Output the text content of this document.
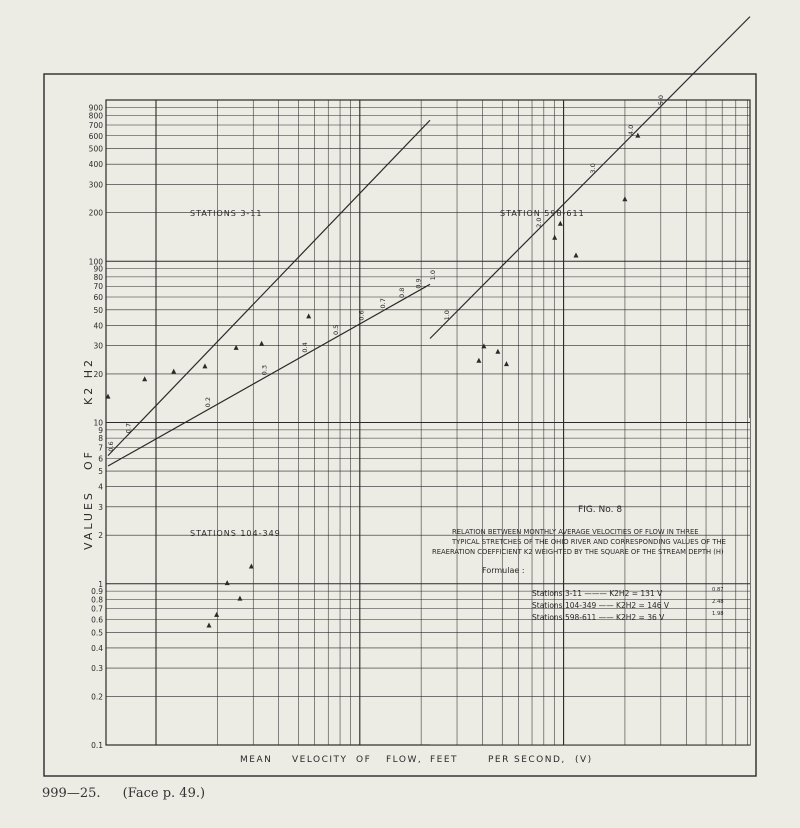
900
800
700
600
500
400
300
200
100
90
80
70
60
50
40
30
20
10
9
8
7
6
5
4
3
2
1
0.9
0.8
0.7
0.6
0.5
0.4
0.3
0.2
0.1
STATIONS 3-11
0.2
0.3
0.4
0.5
0.6
0.7
0.8
0.9
1.0
STATIONS 104-349
0.6
0.7
STATION 598-611
1.0
2.0
3.0
4.0
5.0
FIG. No. 8
RELATION BETWEEN MONTHLY AVERAGE VELOCITIES OF FLOW IN THREE
TYPICAL STRETCHES OF THE OHIO RIVER AND CORRESPONDING VALUES OF THE
REAERATION COEFFICIENT K2 WEIGHTED BY THE SQUARE OF THE STREAM DEPTH (H)
Formulae :
Stations 3-11 ——— K2H2 = 131 V	0.87
Stations 104-349 —— K2H2 = 146 V	2.48
Stations 598-611 —— K2H2 = 36 V	1.98
VALUES
OF
K2 H2
MEAN VELOCITY OF FLOW, FEET	PER SECOND, (V)
999—25. (Face p. 49.)
